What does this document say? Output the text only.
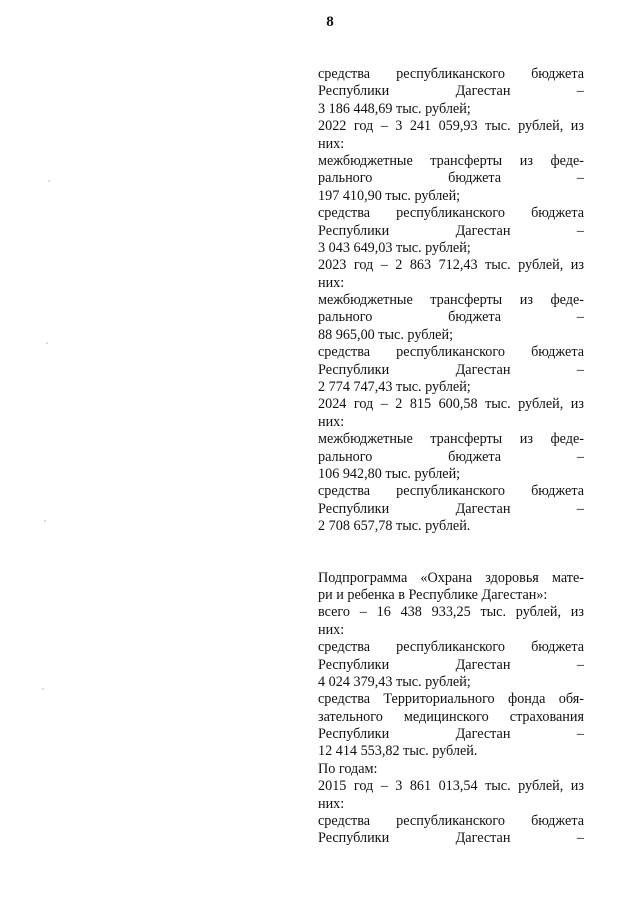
8
средства республиканского бюджета
Республики Дагестан –
3 186 448,69 тыс. рублей;
2022 год – 3 241 059,93 тыс. рублей, из
них:
межбюджетные трансферты из феде-
рального бюджета –
197 410,90 тыс. рублей;
средства республиканского бюджета
Республики Дагестан –
3 043 649,03 тыс. рублей;
2023 год – 2 863 712,43 тыс. рублей, из
них:
межбюджетные трансферты из феде-
рального бюджета –
88 965,00 тыс. рублей;
средства республиканского бюджета
Республики Дагестан –
2 774 747,43 тыс. рублей;
2024 год – 2 815 600,58 тыс. рублей, из
них:
межбюджетные трансферты из феде-
рального бюджета –
106 942,80 тыс. рублей;
средства республиканского бюджета
Республики Дагестан –
2 708 657,78 тыс. рублей.
Подпрограмма «Охрана здоровья мате-
ри и ребенка в Республике Дагестан»:
всего – 16 438 933,25 тыс. рублей, из
них:
средства республиканского бюджета
Республики Дагестан –
4 024 379,43 тыс. рублей;
средства Территориального фонда обя-
зательного медицинского страхования
Республики Дагестан –
12 414 553,82 тыс. рублей.
По годам:
2015 год – 3 861 013,54 тыс. рублей, из
них:
средства республиканского бюджета
Республики Дагестан –
